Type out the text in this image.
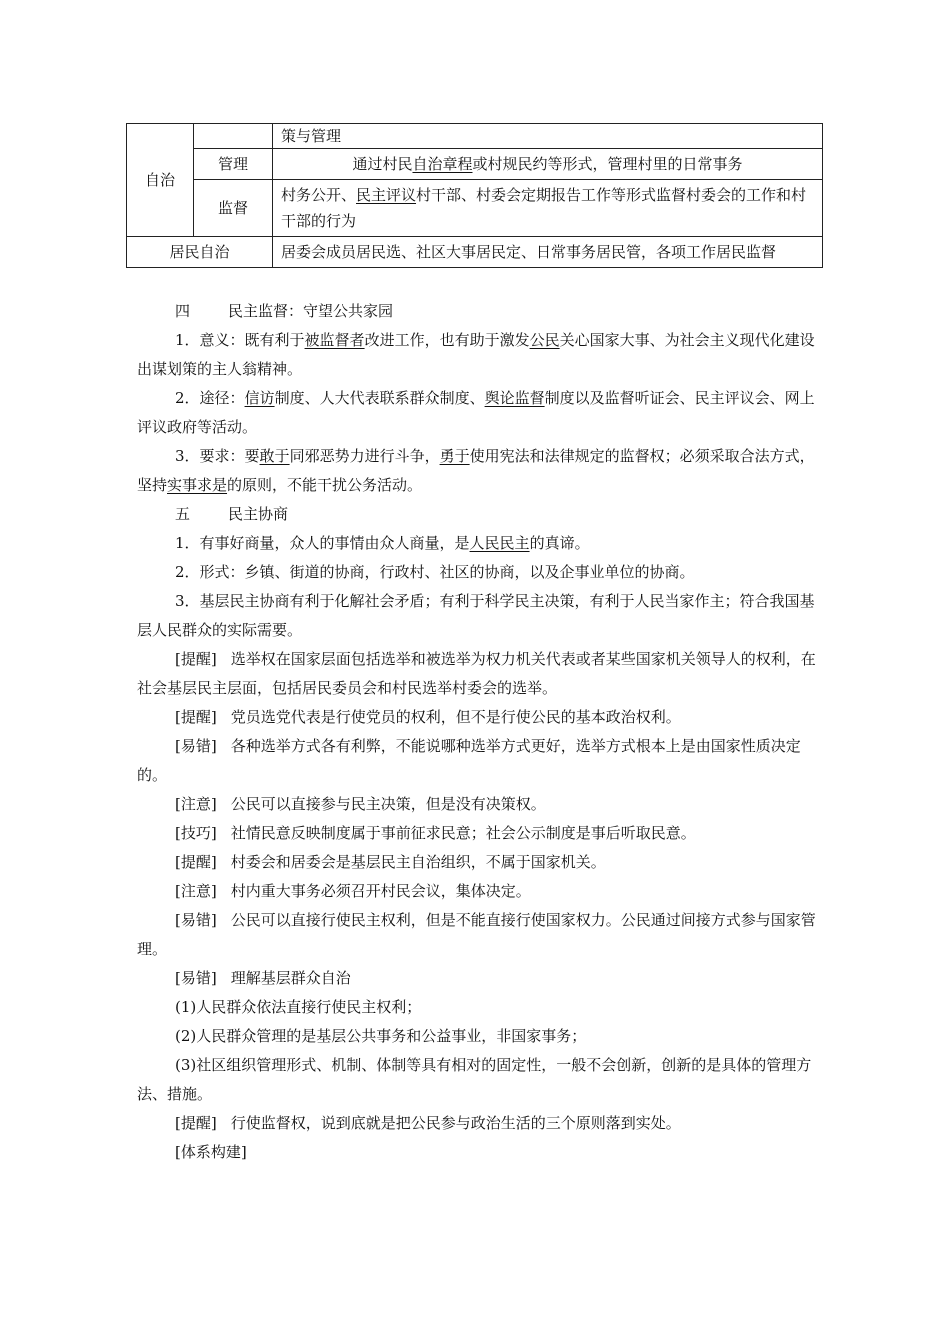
自治		策与管理
	管理	通过村民自治章程或村规民约等形式，管理村里的日常事务
	监督	村务公开、民主评议村干部、村委会定期报告工作等形式监督村委会的工作和村干部的行为
居民自治		居委会成员居民选、社区大事居民定、日常事务居民管，各项工作居民监督

四	民主监督：守望公共家园

1．意义：既有利于被监督者改进工作，也有助于激发公民关心国家大事、为社会主义现代化建设出谋划策的主人翁精神。

2．途径：信访制度、人大代表联系群众制度、舆论监督制度以及监督听证会、民主评议会、网上评议政府等活动。

3．要求：要敢于同邪恶势力进行斗争，勇于使用宪法和法律规定的监督权；必须采取合法方式，坚持实事求是的原则，不能干扰公务活动。

五	民主协商

1．有事好商量，众人的事情由众人商量，是人民民主的真谛。

2．形式：乡镇、街道的协商，行政村、社区的协商，以及企事业单位的协商。

3．基层民主协商有利于化解社会矛盾；有利于科学民主决策，有利于人民当家作主；符合我国基层人民群众的实际需要。

[提醒] 选举权在国家层面包括选举和被选举为权力机关代表或者某些国家机关领导人的权利，在社会基层民主层面，包括居民委员会和村民选举村委会的选举。

[提醒] 党员选党代表是行使党员的权利，但不是行使公民的基本政治权利。

[易错] 各种选举方式各有利弊，不能说哪种选举方式更好，选举方式根本上是由国家性质决定的。

[注意] 公民可以直接参与民主决策，但是没有决策权。

[技巧] 社情民意反映制度属于事前征求民意；社会公示制度是事后听取民意。

[提醒] 村委会和居委会是基层民主自治组织，不属于国家机关。

[注意] 村内重大事务必须召开村民会议，集体决定。

[易错] 公民可以直接行使民主权利，但是不能直接行使国家权力。公民通过间接方式参与国家管理。

[易错] 理解基层群众自治

(1)人民群众依法直接行使民主权利；

(2)人民群众管理的是基层公共事务和公益事业，非国家事务；

(3)社区组织管理形式、机制、体制等具有相对的固定性，一般不会创新，创新的是具体的管理方法、措施。

[提醒] 行使监督权，说到底就是把公民参与政治生活的三个原则落到实处。

[体系构建]
